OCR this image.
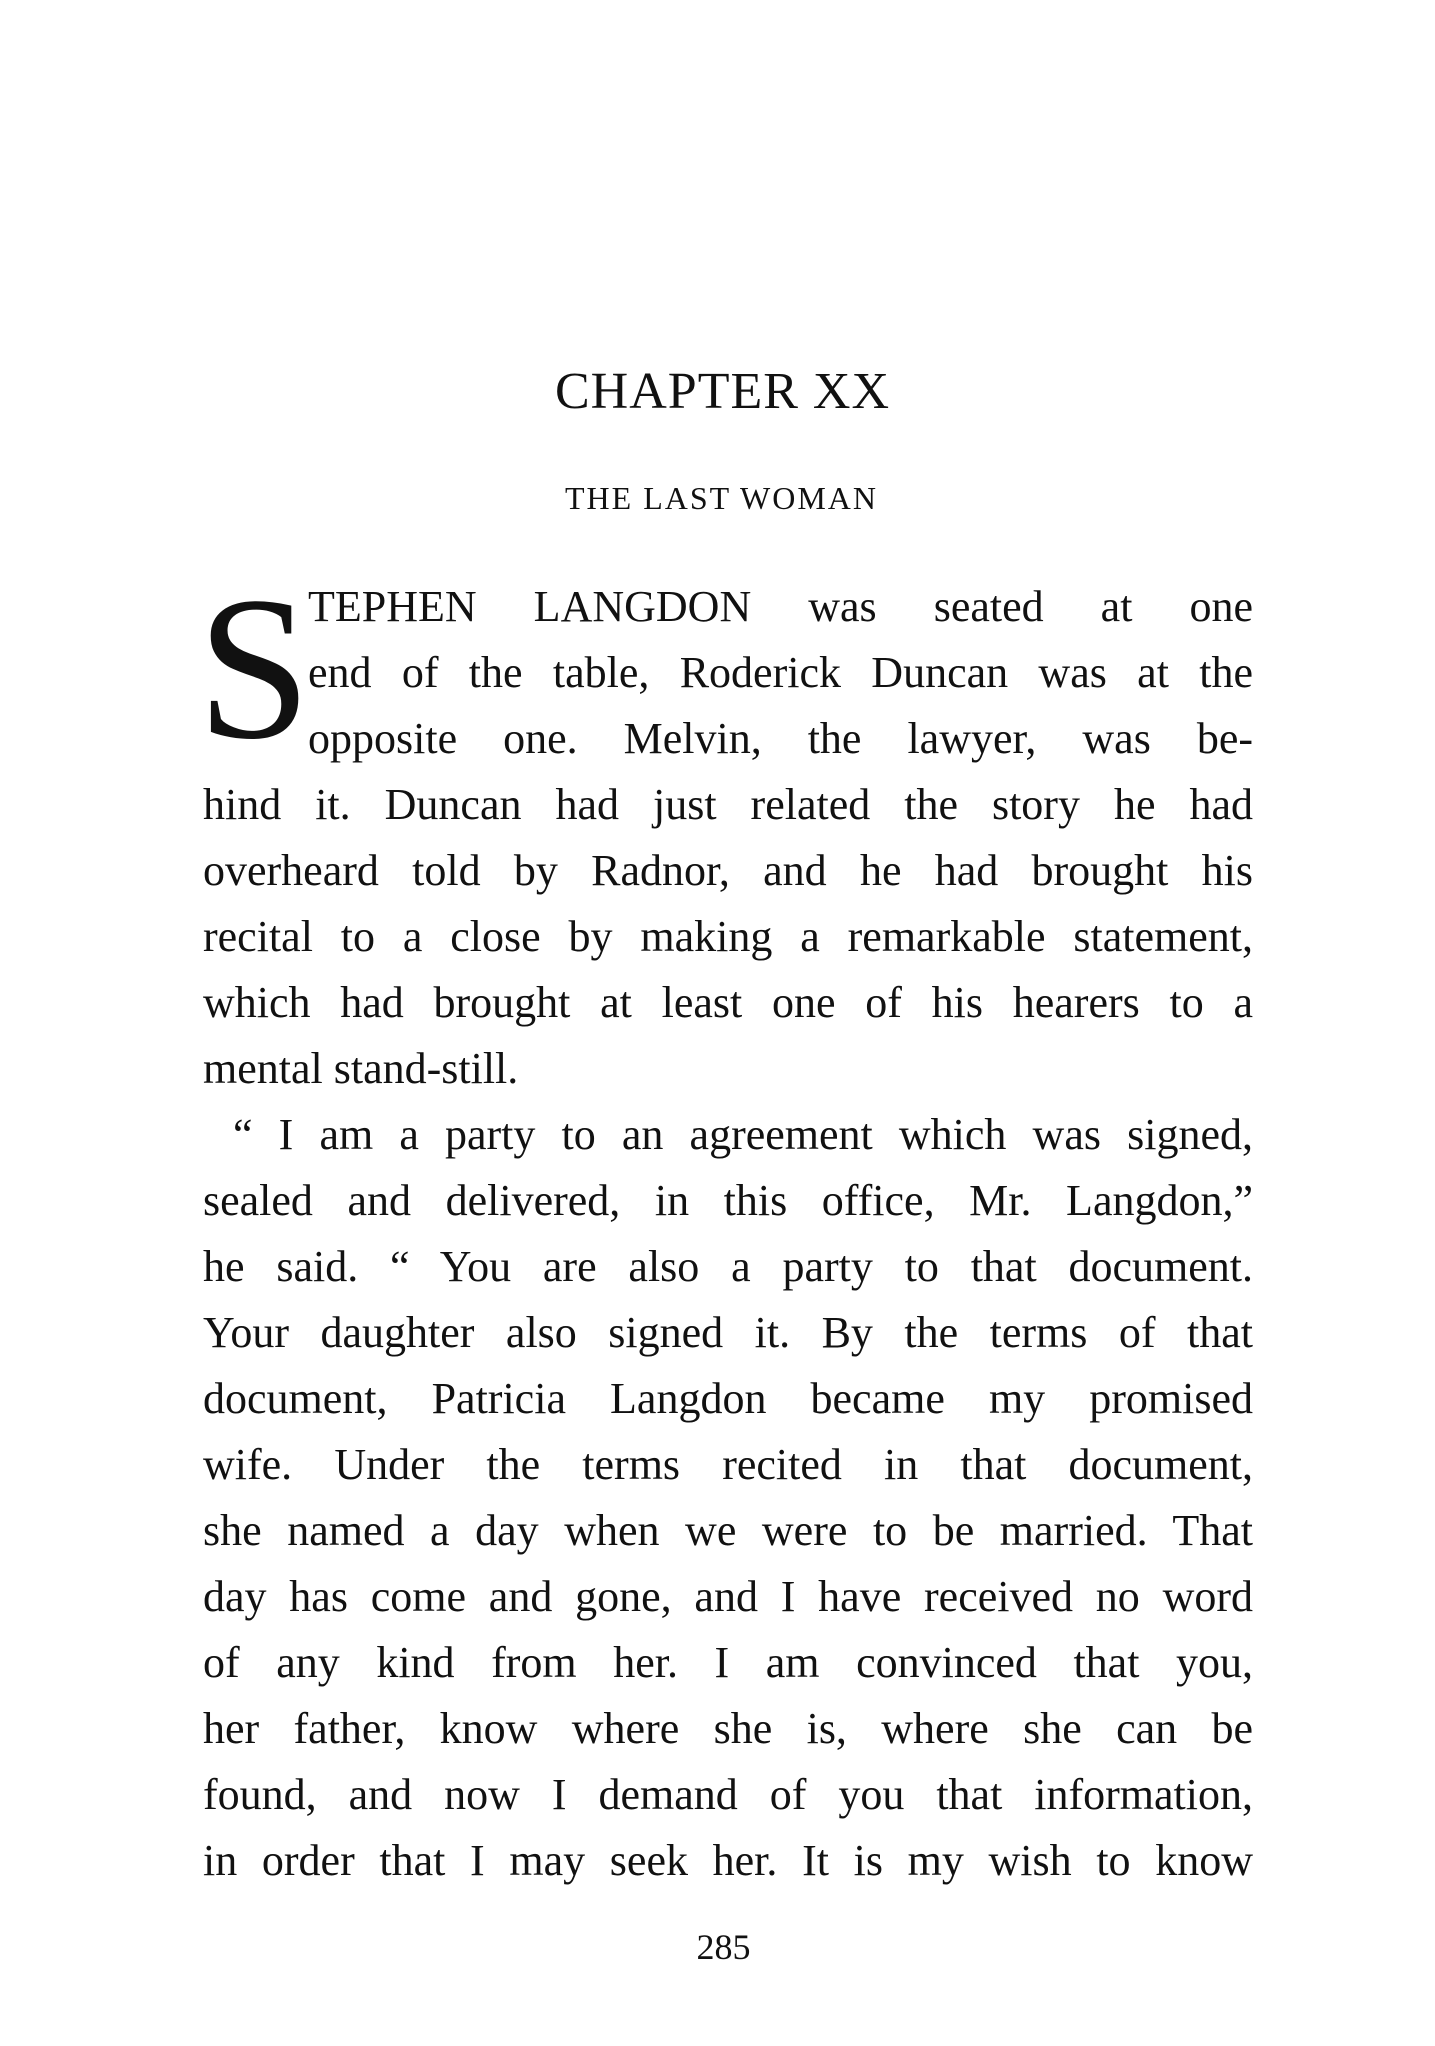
CHAPTER XX
THE LAST WOMAN
S
TEPHEN LANGDON was seated at one
end of the table, Roderick Duncan was at the
opposite one. Melvin, the lawyer, was be-
hind it. Duncan had just related the story he had
overheard told by Radnor, and he had brought his
recital to a close by making a remarkable statement,
which had brought at least one of his hearers to a
mental stand-still.
“ I am a party to an agreement which was signed,
sealed and delivered, in this office, Mr. Langdon,”
he said. “ You are also a party to that document.
Your daughter also signed it. By the terms of that
document, Patricia Langdon became my promised
wife. Under the terms recited in that document,
she named a day when we were to be married. That
day has come and gone, and I have received no word
of any kind from her. I am convinced that you,
her father, know where she is, where she can be
found, and now I demand of you that information,
in order that I may seek her. It is my wish to know
285
